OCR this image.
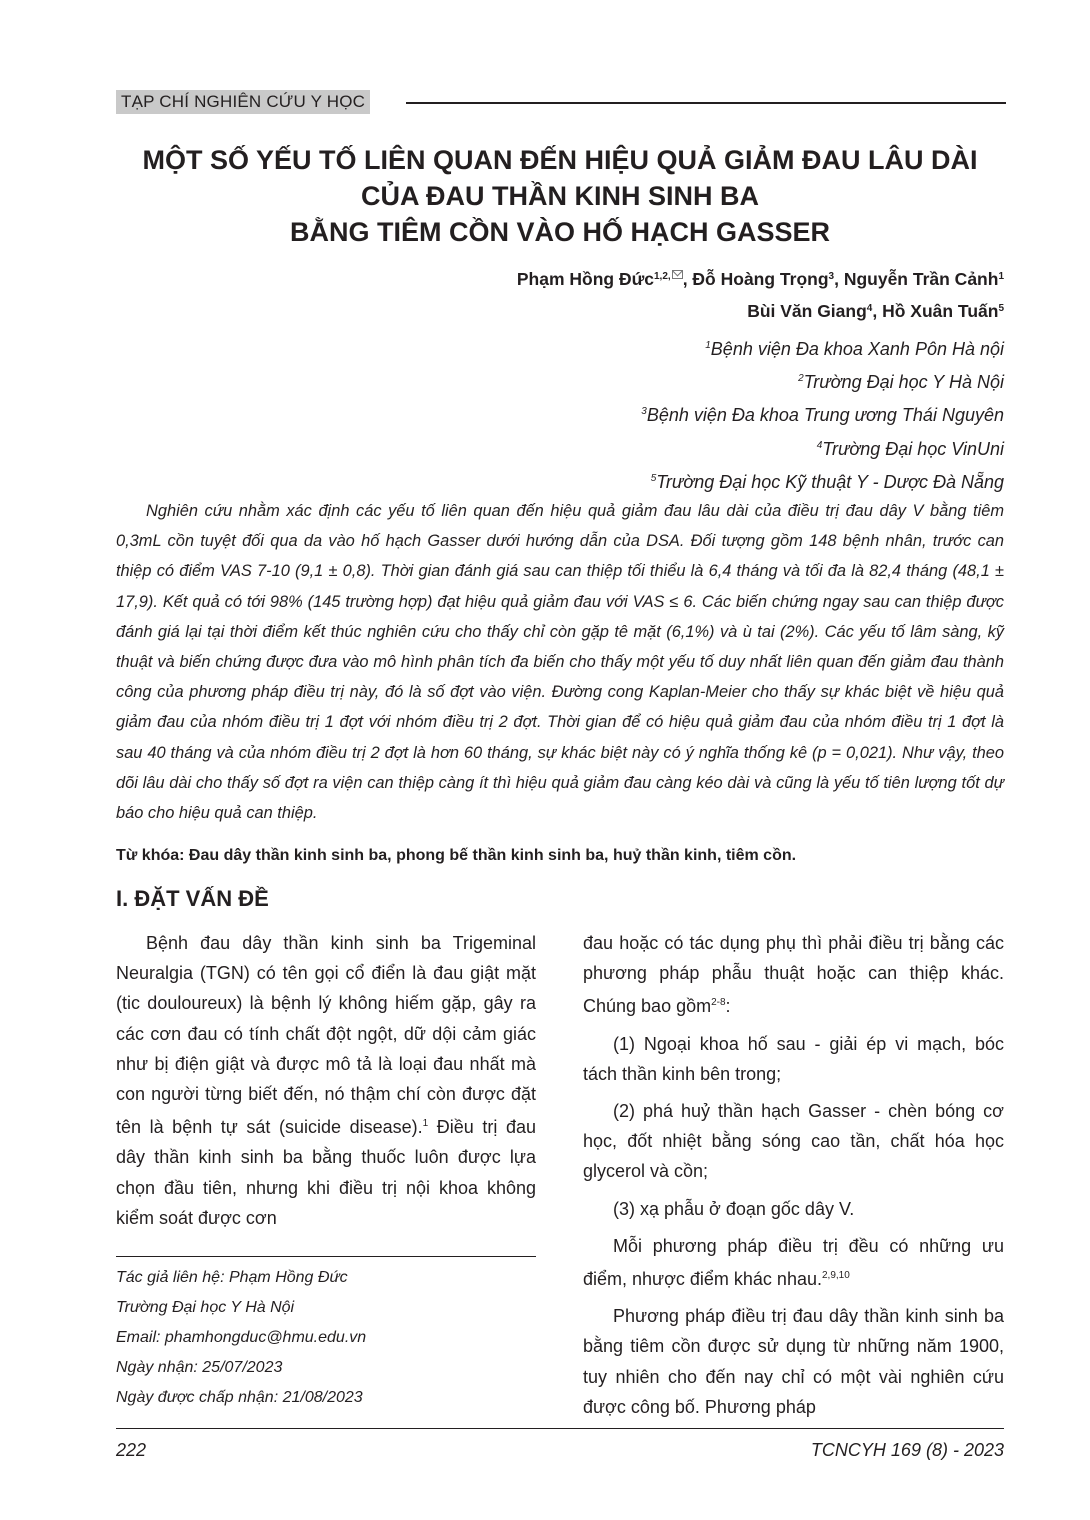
TẠP CHÍ NGHIÊN CỨU Y HỌC
MỘT SỐ YẾU TỐ LIÊN QUAN ĐẾN HIỆU QUẢ GIẢM ĐAU LÂU DÀI
CỦA ĐAU THẦN KINH SINH BA
BẰNG TIÊM CỒN VÀO HỐ HẠCH GASSER
Phạm Hồng Đức$^{1,2,}$ , Đỗ Hoàng Trọng$^3$, Nguyễn Trần Cảnh$^1$
Bùi Văn Giang$^4$, Hồ Xuân Tuấn$^5$
$^1$Bệnh viện Đa khoa Xanh Pôn Hà nội
$^2$Trường Đại học Y Hà Nội
$^3$Bệnh viện Đa khoa Trung ương Thái Nguyên
$^4$Trường Đại học VinUni
$^5$Trường Đại học Kỹ thuật Y - Dược Đà Nẵng

Nghiên cứu nhằm xác định các yếu tố liên quan đến hiệu quả giảm đau lâu dài của điều trị đau dây V bằng tiêm 0,3mL cồn tuyệt đối qua da vào hố hạch Gasser dưới hướng dẫn của DSA. Đối tượng gồm 148 bệnh nhân, trước can thiệp có điểm VAS 7-10 (9,1 ± 0,8). Thời gian đánh giá sau can thiệp tối thiểu là 6,4 tháng và tối đa là 82,4 tháng (48,1 ± 17,9). Kết quả có tới 98% (145 trường hợp) đạt hiệu quả giảm đau với VAS ≤ 6. Các biến chứng ngay sau can thiệp được đánh giá lại tại thời điểm kết thúc nghiên cứu cho thấy chỉ còn gặp tê mặt (6,1%) và ù tai (2%). Các yếu tố lâm sàng, kỹ thuật và biến chứng được đưa vào mô hình phân tích đa biến cho thấy một yếu tố duy nhất liên quan đến giảm đau thành công của phương pháp điều trị này, đó là số đợt vào viện. Đường cong Kaplan-Meier cho thấy sự khác biệt về hiệu quả giảm đau của nhóm điều trị 1 đợt với nhóm điều trị 2 đợt. Thời gian để có hiệu quả giảm đau của nhóm điều trị 1 đợt là sau 40 tháng và của nhóm điều trị 2 đợt là hơn 60 tháng, sự khác biệt này có ý nghĩa thống kê (p = 0,021). Như vậy, theo dõi lâu dài cho thấy số đợt ra viện can thiệp càng ít thì hiệu quả giảm đau càng kéo dài và cũng là yếu tố tiên lượng tốt dự báo cho hiệu quả can thiệp.

Từ khóa: Đau dây thần kinh sinh ba, phong bế thần kinh sinh ba, huỷ thần kinh, tiêm cồn.

I. ĐẶT VẤN ĐỀ

Bệnh đau dây thần kinh sinh ba Trigeminal Neuralgia (TGN) có tên gọi cổ điển là đau giật mặt (tic douloureux) là bệnh lý không hiếm gặp, gây ra các cơn đau có tính chất đột ngột, dữ dội cảm giác như bị điện giật và được mô tả là loại đau nhất mà con người từng biết đến, nó thậm chí còn được đặt tên là bệnh tự sát (suicide disease).$^1$ Điều trị đau dây thần kinh sinh ba bằng thuốc luôn được lựa chọn đầu tiên, nhưng khi điều trị nội khoa không kiểm soát được cơn

đau hoặc có tác dụng phụ thì phải điều trị bằng các phương pháp phẫu thuật hoặc can thiệp khác. Chúng bao gồm$^{2-8}$:

(1) Ngoại khoa hố sau - giải ép vi mạch, bóc tách thần kinh bên trong;

(2) phá huỷ thần hạch Gasser - chèn bóng cơ học, đốt nhiệt bằng sóng cao tần, chất hóa học glycerol và cồn;

(3) xạ phẫu ở đoạn gốc dây V.

Mỗi phương pháp điều trị đều có những ưu điểm, nhược điểm khác nhau.$^{2,9,10}$

Phương pháp điều trị đau dây thần kinh sinh ba bằng tiêm cồn được sử dụng từ những năm 1900, tuy nhiên cho đến nay chỉ có một vài nghiên cứu được công bố. Phương pháp

Tác giả liên hệ: Phạm Hồng Đức
Trường Đại học Y Hà Nội
Email: phamhongduc@hmu.edu.vn
Ngày nhận: 25/07/2023
Ngày được chấp nhận: 21/08/2023
222	TCNCYH 169 (8) - 2023
